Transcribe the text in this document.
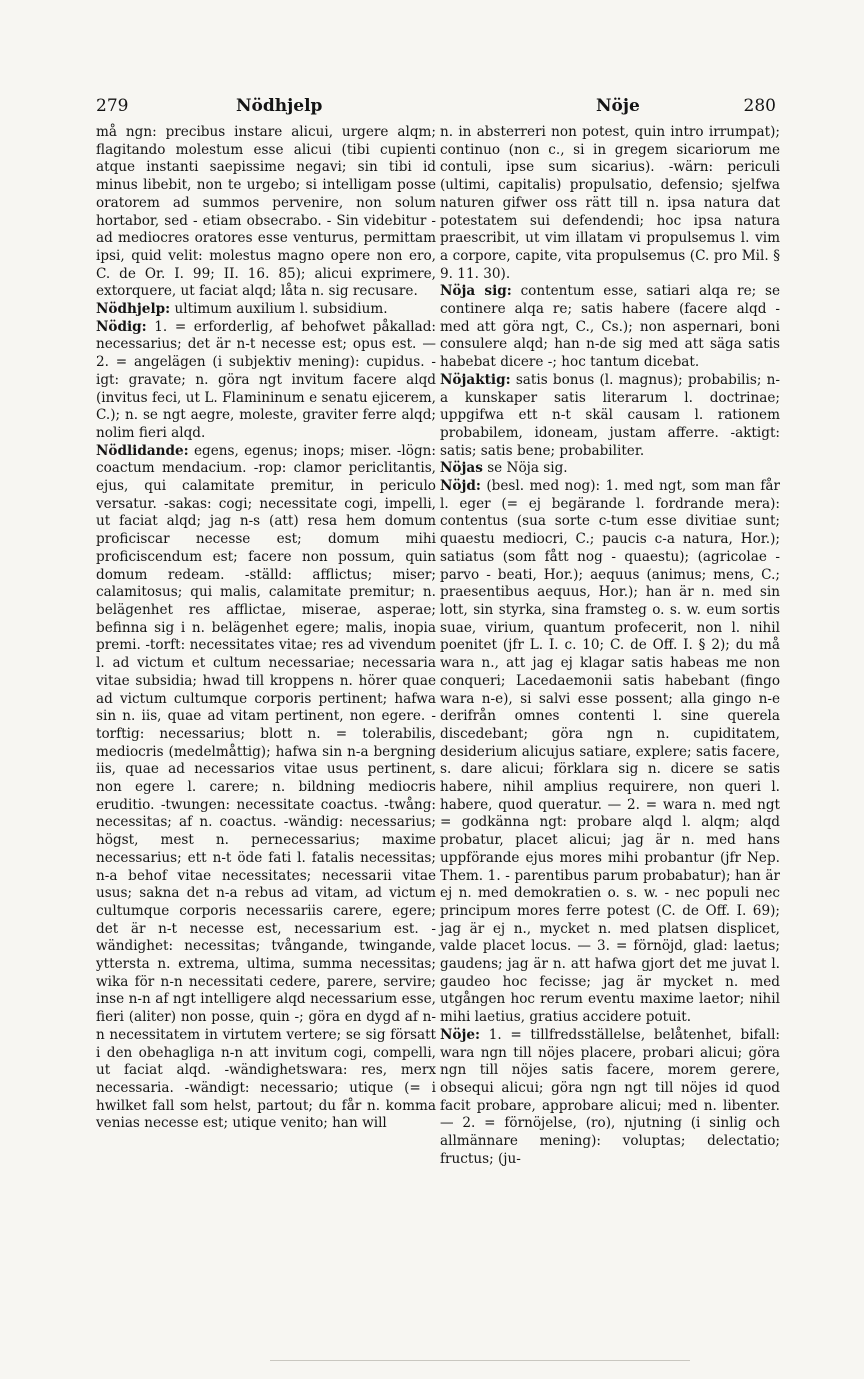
279	Nödhjelp	Nöje	280

må ngn: precibus instare alicui, urgere alqm; flagitando molestum esse alicui (tibi cupienti atque instanti saepissime negavi; sin tibi id minus libebit, non te urgebo; si intelligam posse oratorem ad summos pervenire, non solum hortabor, sed - etiam obsecrabo. - Sin videbitur - ad mediocres oratores esse venturus, permittam ipsi, quid velit: molestus magno opere non ero, C. de Or. I. 99; II. 16. 85); alicui exprimere, extorquere, ut faciat alqd; låta n. sig recusare.

Nödhjelp: ultimum auxilium l. subsidium.

Nödig: 1. = erforderlig, af behofwet påkallad: necessarius; det är n-t necesse est; opus est. — 2. = angelägen (i subjektiv mening): cupidus. -igt: gravate; n. göra ngt invitum facere alqd (invitus feci, ut L. Flamininum e senatu ejicerem, C.); n. se ngt aegre, moleste, graviter ferre alqd; nolim fieri alqd.

Nödlidande: egens, egenus; inops; miser. -lögn: coactum mendacium. -rop: clamor periclitantis, ejus, qui calamitate premitur, in periculo versatur. -sakas: cogi; necessitate cogi, impelli, ut faciat alqd; jag n-s (att) resa hem domum proficiscar necesse est; domum mihi proficiscendum est; facere non possum, quin domum redeam. -ställd: afflictus; miser; calamitosus; qui malis, calamitate premitur; n. belägenhet res afflictae, miserae, asperae; befinna sig i n. belägenhet egere; malis, inopia premi. -torft: necessitates vitae; res ad vivendum l. ad victum et cultum necessariae; necessaria vitae subsidia; hwad till kroppens n. hörer quae ad victum cultumque corporis pertinent; hafwa sin n. iis, quae ad vitam pertinent, non egere. -torftig: necessarius; blott n. = tolerabilis, mediocris (medelmåttig); hafwa sin n-a bergning iis, quae ad necessarios vitae usus pertinent, non egere l. carere; n. bildning mediocris eruditio. -twungen: necessitate coactus. -twång: necessitas; af n. coactus. -wändig: necessarius; högst, mest n. pernecessarius; maxime necessarius; ett n-t öde fati l. fatalis necessitas; n-a behof vitae necessitates; necessarii vitae usus; sakna det n-a rebus ad vitam, ad victum cultumque corporis necessariis carere, egere; det är n-t necesse est, necessarium est. -wändighet: necessitas; tvångande, twingande, yttersta n. extrema, ultima, summa necessitas; wika för n-n necessitati cedere, parere, servire; inse n-n af ngt intelligere alqd necessarium esse, fieri (aliter) non posse, quin -; göra en dygd af n-n necessitatem in virtutem vertere; se sig försatt i den obehagliga n-n att invitum cogi, compelli, ut faciat alqd. -wändighetswara: res, merx necessaria. -wändigt: necessario; utique (= i hwilket fall som helst, partout; du får n. komma venias necesse est; utique venito; han will

n. in absterreri non potest, quin intro irrumpat); continuo (non c., si in gregem sicariorum me contuli, ipse sum sicarius). -wärn: periculi (ultimi, capitalis) propulsatio, defensio; sjelfwa naturen gifwer oss rätt till n. ipsa natura dat potestatem sui defendendi; hoc ipsa natura praescribit, ut vim illatam vi propulsemus l. vim a corpore, capite, vita propulsemus (C. pro Mil. § 9. 11. 30).

Nöja sig: contentum esse, satiari alqa re; se continere alqa re; satis habere (facere alqd - med att göra ngt, C., Cs.); non aspernari, boni consulere alqd; han n-de sig med att säga satis habebat dicere -; hoc tantum dicebat.

Nöjaktig: satis bonus (l. magnus); probabilis; n-a kunskaper satis literarum l. doctrinae; uppgifwa ett n-t skäl causam l. rationem probabilem, idoneam, justam afferre. -aktigt: satis; satis bene; probabiliter.

Nöjas se Nöja sig.

Nöjd: (besl. med nog): 1. med ngt, som man får l. eger (= ej begärande l. fordrande mera): contentus (sua sorte c-tum esse divitiae sunt; quaestu mediocri, C.; paucis c-a natura, Hor.); satiatus (som fått nog - quaestu); (agricolae - parvo - beati, Hor.); aequus (animus; mens, C.; praesentibus aequus, Hor.); han är n. med sin lott, sin styrka, sina framsteg o. s. w. eum sortis suae, virium, quantum profecerit, non l. nihil poenitet (jfr L. I. c. 10; C. de Off. I. § 2); du må wara n., att jag ej klagar satis habeas me non conqueri; Lacedaemonii satis habebant (fingo wara n-e), si salvi esse possent; alla gingo n-e derifrån omnes contenti l. sine querela discedebant; göra ngn n. cupiditatem, desiderium alicujus satiare, explere; satis facere, s. dare alicui; förklara sig n. dicere se satis habere, nihil amplius requirere, non queri l. habere, quod queratur. — 2. = wara n. med ngt = godkänna ngt: probare alqd l. alqm; alqd probatur, placet alicui; jag är n. med hans uppförande ejus mores mihi probantur (jfr Nep. Them. 1. - parentibus parum probabatur); han är ej n. med demokratien o. s. w. - nec populi nec principum mores ferre potest (C. de Off. I. 69); jag är ej n., mycket n. med platsen displicet, valde placet locus. — 3. = förnöjd, glad: laetus; gaudens; jag är n. att hafwa gjort det me juvat l. gaudeo hoc fecisse; jag är mycket n. med utgången hoc rerum eventu maxime laetor; nihil mihi laetius, gratius accidere potuit.

Nöje: 1. = tillfredsställelse, belåtenhet, bifall: wara ngn till nöjes placere, probari alicui; göra ngn till nöjes satis facere, morem gerere, obsequi alicui; göra ngn ngt till nöjes id quod facit probare, approbare alicui; med n. libenter. — 2. = förnöjelse, (ro), njutning (i sinlig och allmännare mening): voluptas; delectatio; fructus; (ju-
